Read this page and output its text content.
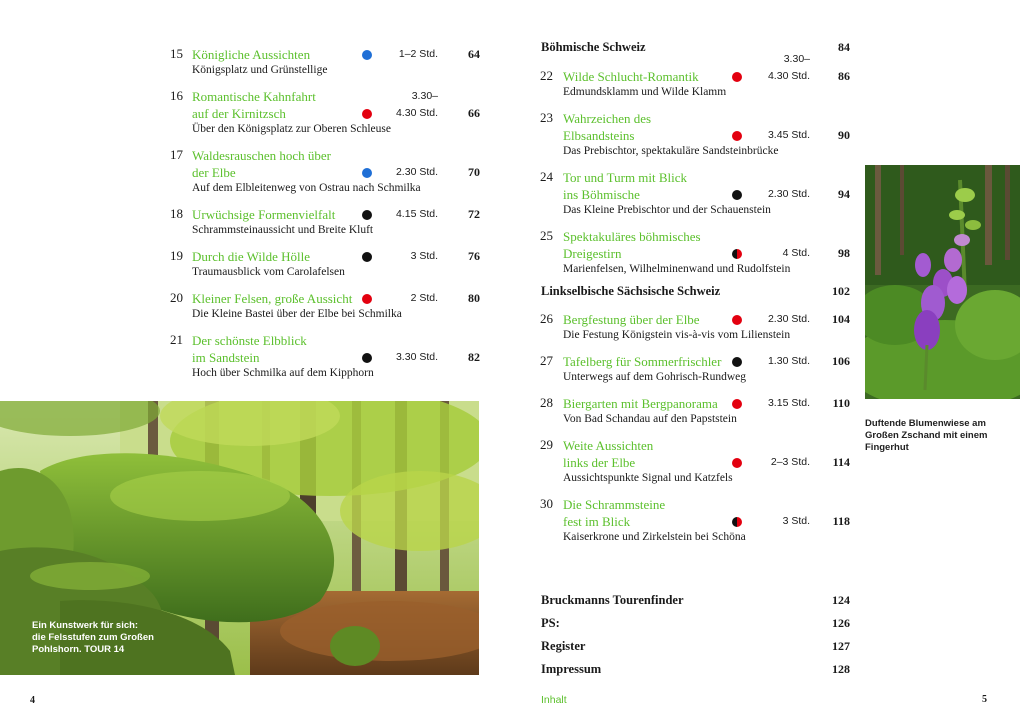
15 Königliche Aussichten	1–2 Std.	64
Königsplatz und Grünstellige
16 Romantische Kahnfahrt
auf der Kirnitzsch
3.30–
4.30 Std.	66
Über den Königsplatz zur Oberen Schleuse
17 Waldesrauschen hoch über
der Elbe	2.30 Std.	70
Auf dem Elbleitenweg von Ostrau nach Schmilka
18 Urwüchsige Formenvielfalt	4.15 Std.	72
Schrammsteinaussicht und Breite Kluft
19 Durch die Wilde Hölle	3 Std.	76
Traumausblick vom Carolafelsen
20 Kleiner Felsen, große Aussicht	2 Std.	80
Die Kleine Bastei über der Elbe bei Schmilka
21 Der schönste Elbblick
im Sandstein	3.30 Std.	82
Hoch über Schmilka auf dem Kipphorn
Böhmische Schweiz	84
22 Wilde Schlucht-Romantik
3.30–
4.30 Std.	86
Edmundsklamm und Wilde Klamm
23 Wahrzeichen des
Elbsandsteins	3.45 Std.	90
Das Prebischtor, spektakuläre Sandsteinbrücke
24 Tor und Turm mit Blick
ins Böhmische	2.30 Std.	94
Das Kleine Prebischtor und der Schauenstein
25 Spektakuläres böhmisches
Dreigestirn	4 Std.	98
Marienfelsen, Wilhelminenwand und Rudolfstein
Linkselbische Sächsische Schweiz	102
26 Bergfestung über der Elbe	2.30 Std.	104
Die Festung Königstein vis-à-vis vom Lilienstein
27 Tafelberg für Sommerfrischler	1.30 Std.	106
Unterwegs auf dem Gohrisch-Rundweg
28 Biergarten mit Bergpanorama	3.15 Std.	110
Von Bad Schandau auf den Papststein
29 Weite Aussichten
links der Elbe	2–3 Std.	114
Aussichtspunkte Signal und Katzfels
30 Die Schrammsteine
fest im Blick	3 Std.	118
Kaiserkrone und Zirkelstein bei Schöna
Bruckmanns Tourenfinder	124
PS:	126
Register	127
Impressum	128
Ein Kunstwerk für sich:
die Felsstufen zum Großen
Pohlshorn. TOUR 14
Duftende Blumenwiese am
Großen Zschand mit einem
Fingerhut
4	Inhalt	5
